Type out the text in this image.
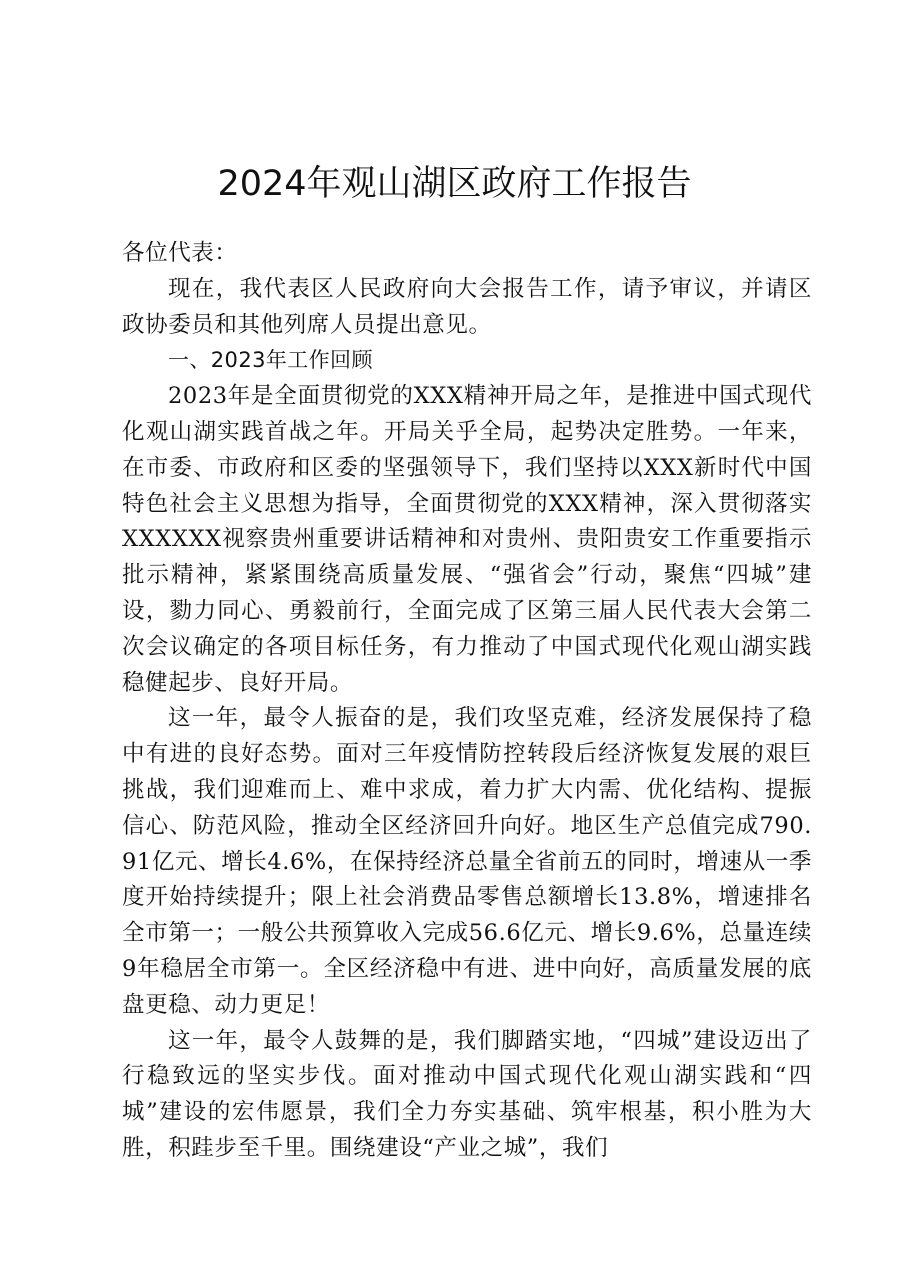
2024年观山湖区政府工作报告

各位代表：

现在，我代表区人民政府向大会报告工作，请予审议，并请区政协委员和其他列席人员提出意见。

一、2023年工作回顾

2023年是全面贯彻党的XXX精神开局之年，是推进中国式现代化观山湖实践首战之年。开局关乎全局，起势决定胜势。一年来，在市委、市政府和区委的坚强领导下，我们坚持以XXX新时代中国特色社会主义思想为指导，全面贯彻党的XXX精神，深入贯彻落实XXXXXX视察贵州重要讲话精神和对贵州、贵阳贵安工作重要指示批示精神，紧紧围绕高质量发展、“强省会”行动，聚焦“四城”建设，勠力同心、勇毅前行，全面完成了区第三届人民代表大会第二次会议确定的各项目标任务，有力推动了中国式现代化观山湖实践稳健起步、良好开局。

这一年，最令人振奋的是，我们攻坚克难，经济发展保持了稳中有进的良好态势。面对三年疫情防控转段后经济恢复发展的艰巨挑战，我们迎难而上、难中求成，着力扩大内需、优化结构、提振信心、防范风险，推动全区经济回升向好。地区生产总值完成790.91亿元、增长4.6%，在保持经济总量全省前五的同时，增速从一季度开始持续提升；限上社会消费品零售总额增长13.8%，增速排名全市第一；一般公共预算收入完成56.6亿元、增长9.6%，总量连续9年稳居全市第一。全区经济稳中有进、进中向好，高质量发展的底盘更稳、动力更足！

这一年，最令人鼓舞的是，我们脚踏实地，“四城”建设迈出了行稳致远的坚实步伐。面对推动中国式现代化观山湖实践和“四城”建设的宏伟愿景，我们全力夯实基础、筑牢根基，积小胜为大胜，积跬步至千里。围绕建设“产业之城”，我们
